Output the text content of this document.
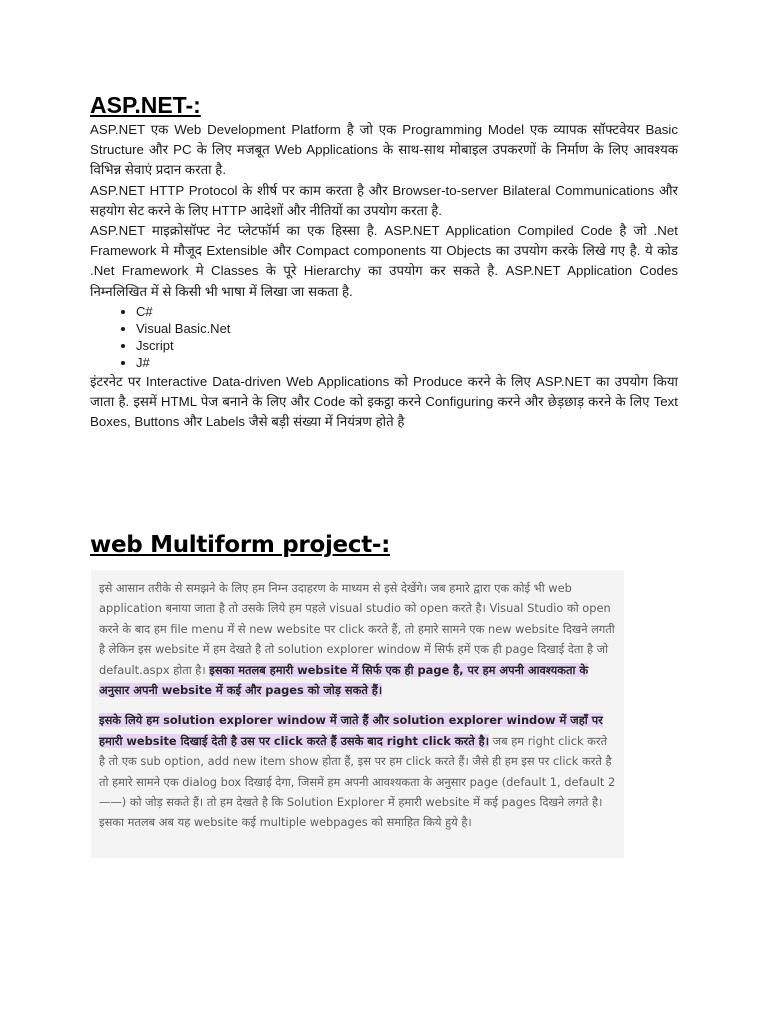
ASP.NET-:

ASP.NET एक Web Development Platform है जो एक Programming Model एक व्यापक सॉफ्टवेयर Basic Structure और PC के लिए मजबूत Web Applications के साथ-साथ मोबाइल उपकरणों के निर्माण के लिए आवश्यक विभिन्न सेवाएं प्रदान करता है.

ASP.NET HTTP Protocol के शीर्ष पर काम करता है और Browser-to-server Bilateral Communications और सहयोग सेट करने के लिए HTTP आदेशों और नीतियों का उपयोग करता है.

ASP.NET माइक्रोसॉफ्ट नेट प्लेटफॉर्म का एक हिस्सा है. ASP.NET Application Compiled Code है जो .Net Framework मे मौजूद Extensible और Compact components या Objects का उपयोग करके लिखे गए है. ये कोड .Net Framework मे Classes के पूरे Hierarchy का उपयोग कर सकते है. ASP.NET Application Codes निम्नलिखित में से किसी भी भाषा में लिखा जा सकता है.

• C#
• Visual Basic.Net
• Jscript
• J#

इंटरनेट पर Interactive Data-driven Web Applications को Produce करने के लिए ASP.NET का उपयोग किया जाता है. इसमें HTML पेज बनाने के लिए और Code को इकट्ठा करने Configuring करने और छेड़छाड़ करने के लिए Text Boxes, Buttons और Labels जैसे बड़ी संख्या में नियंत्रण होते है

web Multiform project-:

इसे आसान तरीके से समझने के लिए हम निम्न उदाहरण के माध्यम से इसे देखेंगे। जब हमारे द्वारा एक कोई भी web application बनाया जाता है तो उसके लिये हम पहले visual studio को open करते है। Visual Studio को open करने के बाद हम file menu में से new website पर click करते हैं, तो हमारे सामने एक new website दिखने लगती है लेकिन इस website में हम देखते है तो solution explorer window में सिर्फ हमें एक ही page दिखाई देता है जो default.aspx होता है। इसका मतलब हमारी website में सिर्फ एक ही page है, पर हम अपनी आवश्यकता के अनुसार अपनी website में कई और pages को जोड़ सकते हैं।

इसके लिये हम solution explorer window में जाते हैं और solution explorer window में जहाँ पर हमारी website दिखाई देती है उस पर click करते हैं उसके बाद right click करते है। जब हम right click करते है तो एक sub option, add new item show होता हैं, इस पर हम click करते हैं। जैसे ही हम इस पर click करते है तो हमारे सामने एक dialog box दिखाई देगा, जिसमें हम अपनी आवश्यकता के अनुसार page (default 1, default 2——) को जोड़ सकते हैं। तो हम देखते है कि Solution Explorer में हमारी website में कई pages दिखने लगते है। इसका मतलब अब यह website कई multiple webpages को समाहित किये हुये है।
